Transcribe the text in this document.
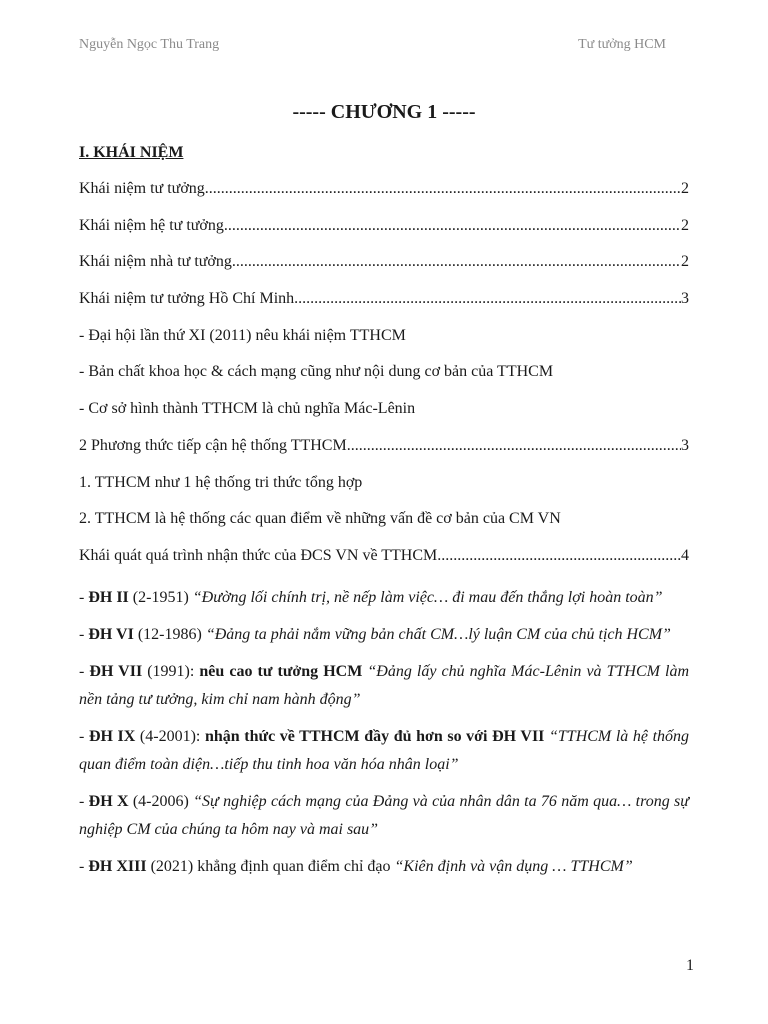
Nguyễn Ngọc Thu Trang	Tư tưởng HCM
----- CHƯƠNG 1 -----
I. KHÁI NIỆM
Khái niệm tư tưởng .....	2
Khái niệm hệ tư tưởng .....	2
Khái niệm nhà tư tưởng .....	2
Khái niệm tư tưởng Hồ Chí Minh .....	3
- Đại hội lần thứ XI (2011) nêu khái niệm TTHCM
- Bản chất khoa học & cách mạng cũng như nội dung cơ bản của TTHCM
- Cơ sở hình thành TTHCM là chủ nghĩa Mác-Lênin
2 Phương thức tiếp cận hệ thống TTHCM .....	3
1. TTHCM như 1 hệ thống tri thức tổng hợp
2. TTHCM là hệ thống các quan điểm về những vấn đề cơ bản của CM VN
Khái quát quá trình nhận thức của ĐCS VN về TTHCM .....	4
- ĐH II (2-1951) “Đường lối chính trị, nề nếp làm việc… đi mau đến thắng lợi hoàn toàn”
- ĐH VI (12-1986) “Đảng ta phải nắm vững bản chất CM…lý luận CM của chủ tịch HCM”
- ĐH VII (1991): nêu cao tư tưởng HCM “Đảng lấy chủ nghĩa Mác-Lênin và TTHCM làm nền tảng tư tưởng, kim chỉ nam hành động”
- ĐH IX (4-2001): nhận thức về TTHCM đầy đủ hơn so với ĐH VII “TTHCM là hệ thống quan điểm toàn diện…tiếp thu tinh hoa văn hóa nhân loại”
- ĐH X (4-2006) “Sự nghiệp cách mạng của Đảng và của nhân dân ta 76 năm qua… trong sự nghiệp CM của chúng ta hôm nay và mai sau”
- ĐH XIII (2021) khẳng định quan điểm chỉ đạo “Kiên định và vận dụng … TTHCM”
1
